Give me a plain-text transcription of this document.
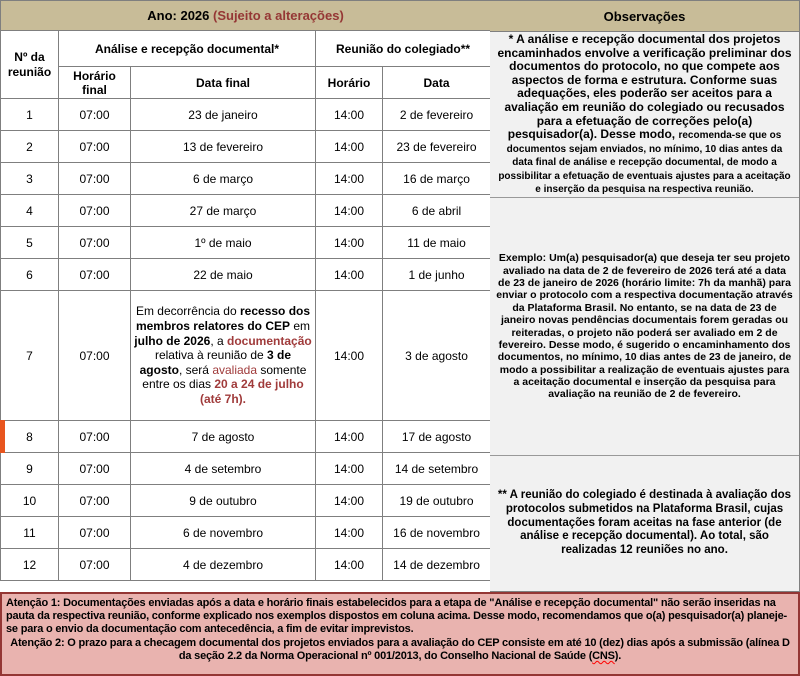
Ano: 2026 (Sujeito a alterações)				
Nº da reunião	Análise e recepção documental*		Reunião do colegiado**	
	Horário final	Data final	Horário	Data
1	07:00	23 de janeiro	14:00	2 de fevereiro
2	07:00	13 de fevereiro	14:00	23 de fevereiro
3	07:00	6 de março	14:00	16 de março
4	07:00	27 de março	14:00	6 de abril
5	07:00	1º de maio	14:00	11 de maio
6	07:00	22 de maio	14:00	1 de junho
7	07:00	Em decorrência do recesso dos membros relatores do CEP em julho de 2026, a documentação relativa à reunião de 3 de agosto, será avaliada somente entre os dias 20 a 24 de julho (até 7h).	14:00	3 de agosto
8	07:00	7 de agosto	14:00	17 de agosto
9	07:00	4 de setembro	14:00	14 de setembro
10	07:00	9 de outubro	14:00	19 de outubro
11	07:00	6 de novembro	14:00	16 de novembro
12	07:00	4 de dezembro	14:00	14 de dezembro
Observações

* A análise e recepção documental dos projetos encaminhados envolve a verificação preliminar dos documentos do protocolo, no que compete aos aspectos de forma e estrutura. Conforme suas adequações, eles poderão ser aceitos para a avaliação em reunião do colegiado ou recusados para a efetuação de correções pelo(a) pesquisador(a). Desse modo, recomenda-se que os documentos sejam enviados, no mínimo, 10 dias antes da data final de análise e recepção documental, de modo a possibilitar a efetuação de eventuais ajustes para a aceitação e inserção da pesquisa na respectiva reunião.

Exemplo: Um(a) pesquisador(a) que deseja ter seu projeto avaliado na data de 2 de fevereiro de 2026 terá até a data de 23 de janeiro de 2026 (horário limite: 7h da manhã) para enviar o protocolo com a respectiva documentação através da Plataforma Brasil. No entanto, se na data de 23 de janeiro novas pendências documentais forem geradas ou reiteradas, o projeto não poderá ser avaliado em 2 de fevereiro. Desse modo, é sugerido o encaminhamento dos documentos, no mínimo, 10 dias antes de 23 de janeiro, de modo a possibilitar a realização de eventuais ajustes para a aceitação documental e inserção da pesquisa para avaliação na reunião de 2 de fevereiro.

** A reunião do colegiado é destinada à avaliação dos protocolos submetidos na Plataforma Brasil, cujas documentações foram aceitas na fase anterior (de análise e recepção documental). Ao total, são realizadas 12 reuniões no ano.

Atenção 1: Documentações enviadas após a data e horário finais estabelecidos para a etapa de "Análise e recepção documental" não serão inseridas na pauta da respectiva reunião, conforme explicado nos exemplos dispostos em coluna acima. Desse modo, recomendamos que o(a) pesquisador(a) planeje-se para o envio da documentação com antecedência, a fim de evitar imprevistos.
Atenção 2: O prazo para a checagem documental dos projetos enviados para a avaliação do CEP consiste em até 10 (dez) dias após a submissão (alínea D da seção 2.2 da Norma Operacional nº 001/2013, do Conselho Nacional de Saúde (CNS).
